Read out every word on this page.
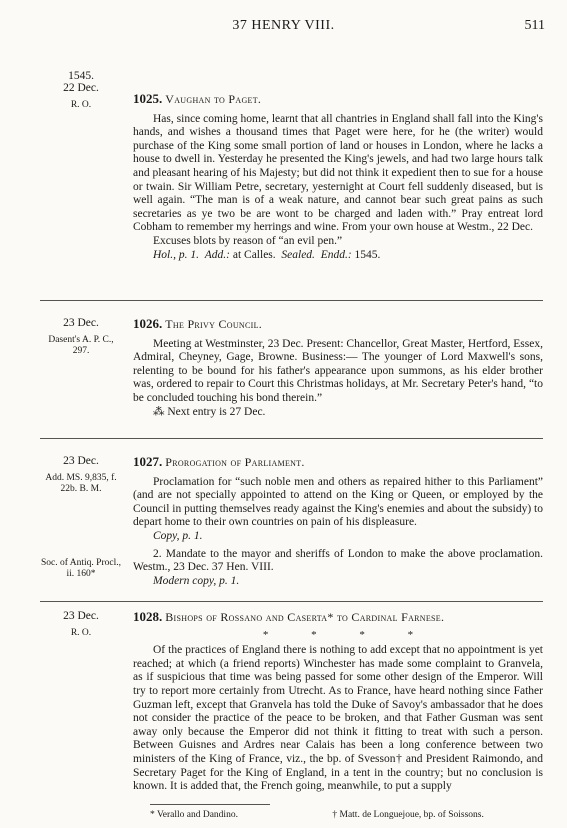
37 HENRY VIII.	511
1545.
22 Dec.
R. O.	1025. Vaughan to Paget.

Has, since coming home, learnt that all chantries in England shall fall into the King's hands, and wishes a thousand times that Paget were here, for he (the writer) would purchase of the King some small portion of land or houses in London, where he lacks a house to dwell in. Yesterday he presented the King's jewels, and had two large hours talk and pleasant hearing of his Majesty; but did not think it expedient then to sue for a house or twain. Sir William Petre, secretary, yesternight at Court fell suddenly diseased, but is well again. “The man is of a weak nature, and cannot bear such great pains as such secretaries as ye two be are wont to be charged and laden with.” Pray entreat lord Cobham to remember my herrings and wine. From your own house at Westm., 22 Dec.

Excuses blots by reason of “an evil pen.”

Hol., p. 1. Add.: at Calles. Sealed. Endd.: 1545.

23 Dec.
Dasent's A. P. C., 297.
1026. The Privy Council.

Meeting at Westminster, 23 Dec. Present: Chancellor, Great Master, Hertford, Essex, Admiral, Cheyney, Gage, Browne. Business:— The younger of Lord Maxwell's sons, relenting to be bound for his father's appearance upon summons, as his elder brother was, ordered to repair to Court this Christmas holidays, at Mr. Secretary Peter's hand, “to be concluded touching his bond therein.”

⁂ Next entry is 27 Dec.

23 Dec.
Add. MS. 9,835, f. 22b. B. M.
Soc. of Antiq. Procl., ii. 160*
1027. Prorogation of Parliament.

Proclamation for “such noble men and others as repaired hither to this Parliament” (and are not specially appointed to attend on the King or Queen, or employed by the Council in putting themselves ready against the King's enemies and about the subsidy) to depart home to their own countries on pain of his displeasure.

Copy, p. 1.

2. Mandate to the mayor and sheriffs of London to make the above proclamation. Westm., 23 Dec. 37 Hen. VIII.

Modern copy, p. 1.

23 Dec.
R. O.
1028. Bishops of Rossano and Caserta* to Cardinal Farnese.

* * * *

Of the practices of England there is nothing to add except that no appointment is yet reached; at which (a friend reports) Winchester has made some complaint to Granvela, as if suspicious that time was being passed for some other design of the Emperor. Will try to report more certainly from Utrecht. As to France, have heard nothing since Father Guzman left, except that Granvela has told the Duke of Savoy's ambassador that he does not consider the practice of the peace to be broken, and that Father Gusman was sent away only because the Emperor did not think it fitting to treat with such a person. Between Guisnes and Ardres near Calais has been a long conference between two ministers of the King of France, viz., the bp. of Svesson† and President Raimondo, and Secretary Paget for the King of England, in a tent in the country; but no conclusion is known. It is added that, the French going, meanwhile, to put a supply

* Verallo and Dandino.	† Matt. de Longuejoue, bp. of Soissons.
